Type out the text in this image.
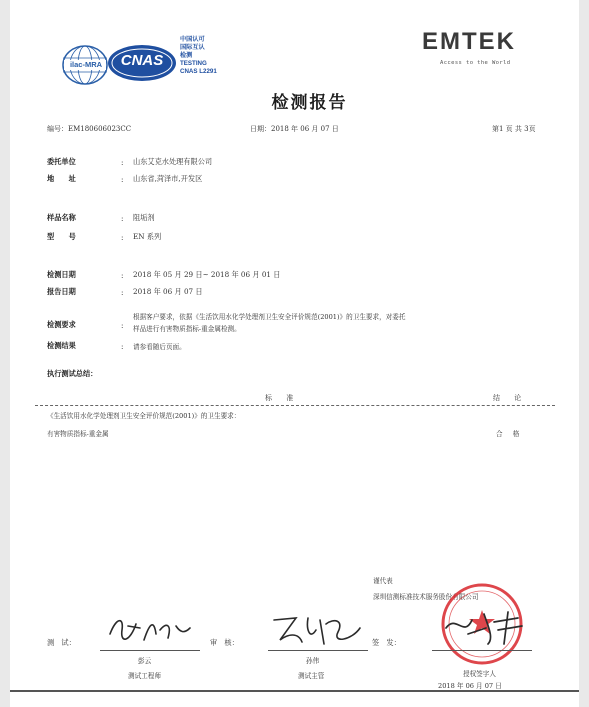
ilac-MRA	CNAS
中国认可
国际互认
检测
TESTING
CNAS L2291
EMTEK
Access to the World
检测报告
编号：EM180606023CC	日期：2018 年 06 月 07 日	第1 页 共 3页
委托单位	: 山东艾克水处理有限公司
地　　址	: 山东省,菏泽市,开发区
样品名称	: 阻垢剂
型　　号	: EN 系列
检测日期	: 2018 年 05 月 29 日~ 2018 年 06 月 01 日
报告日期	: 2018 年 06 月 07 日
检测要求	:
根据客户要求，依据《生活饮用水化学处理剂卫生安全评价规范(2001)》的卫生要求，对委托
样品进行有害物质指标-重金属检测。
检测结果	: 请参看随后页面。
执行测试总结：
标 准	结 论
《生活饮用水化学处理剂卫生安全评价规范(2001)》的卫生要求：
有害物质指标-重金属	合 格
谨代表
深圳信测标准技术服务股份有限公司
测　试：
彭云
测试工程师
审　核：
孙伟
测试主管
签　发：
授权签字人
2018 年 06 月 07 日
